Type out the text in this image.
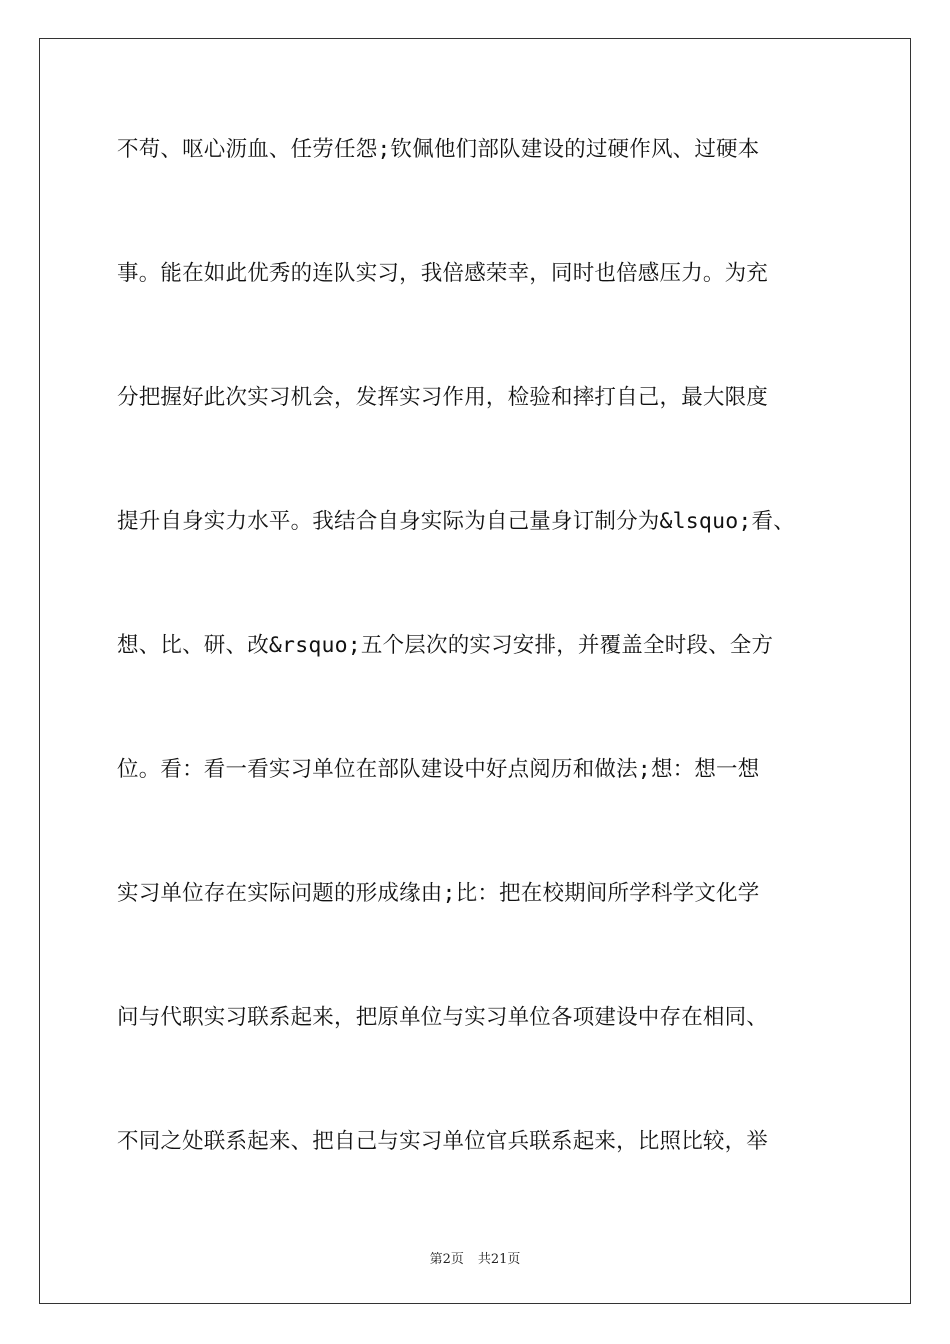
不苟、呕心沥血、任劳任怨;钦佩他们部队建设的过硬作风、过硬本
事。能在如此优秀的连队实习，我倍感荣幸，同时也倍感压力。为充
分把握好此次实习机会，发挥实习作用，检验和摔打自己，最大限度
提升自身实力水平。我结合自身实际为自己量身订制分为&lsquo;看、
想、比、研、改&rsquo;五个层次的实习安排，并覆盖全时段、全方
位。看：看一看实习单位在部队建设中好点阅历和做法;想：想一想
实习单位存在实际问题的形成缘由;比：把在校期间所学科学文化学
问与代职实习联系起来，把原单位与实习单位各项建设中存在相同、
不同之处联系起来、把自己与实习单位官兵联系起来，比照比较，举
第2页 共21页
